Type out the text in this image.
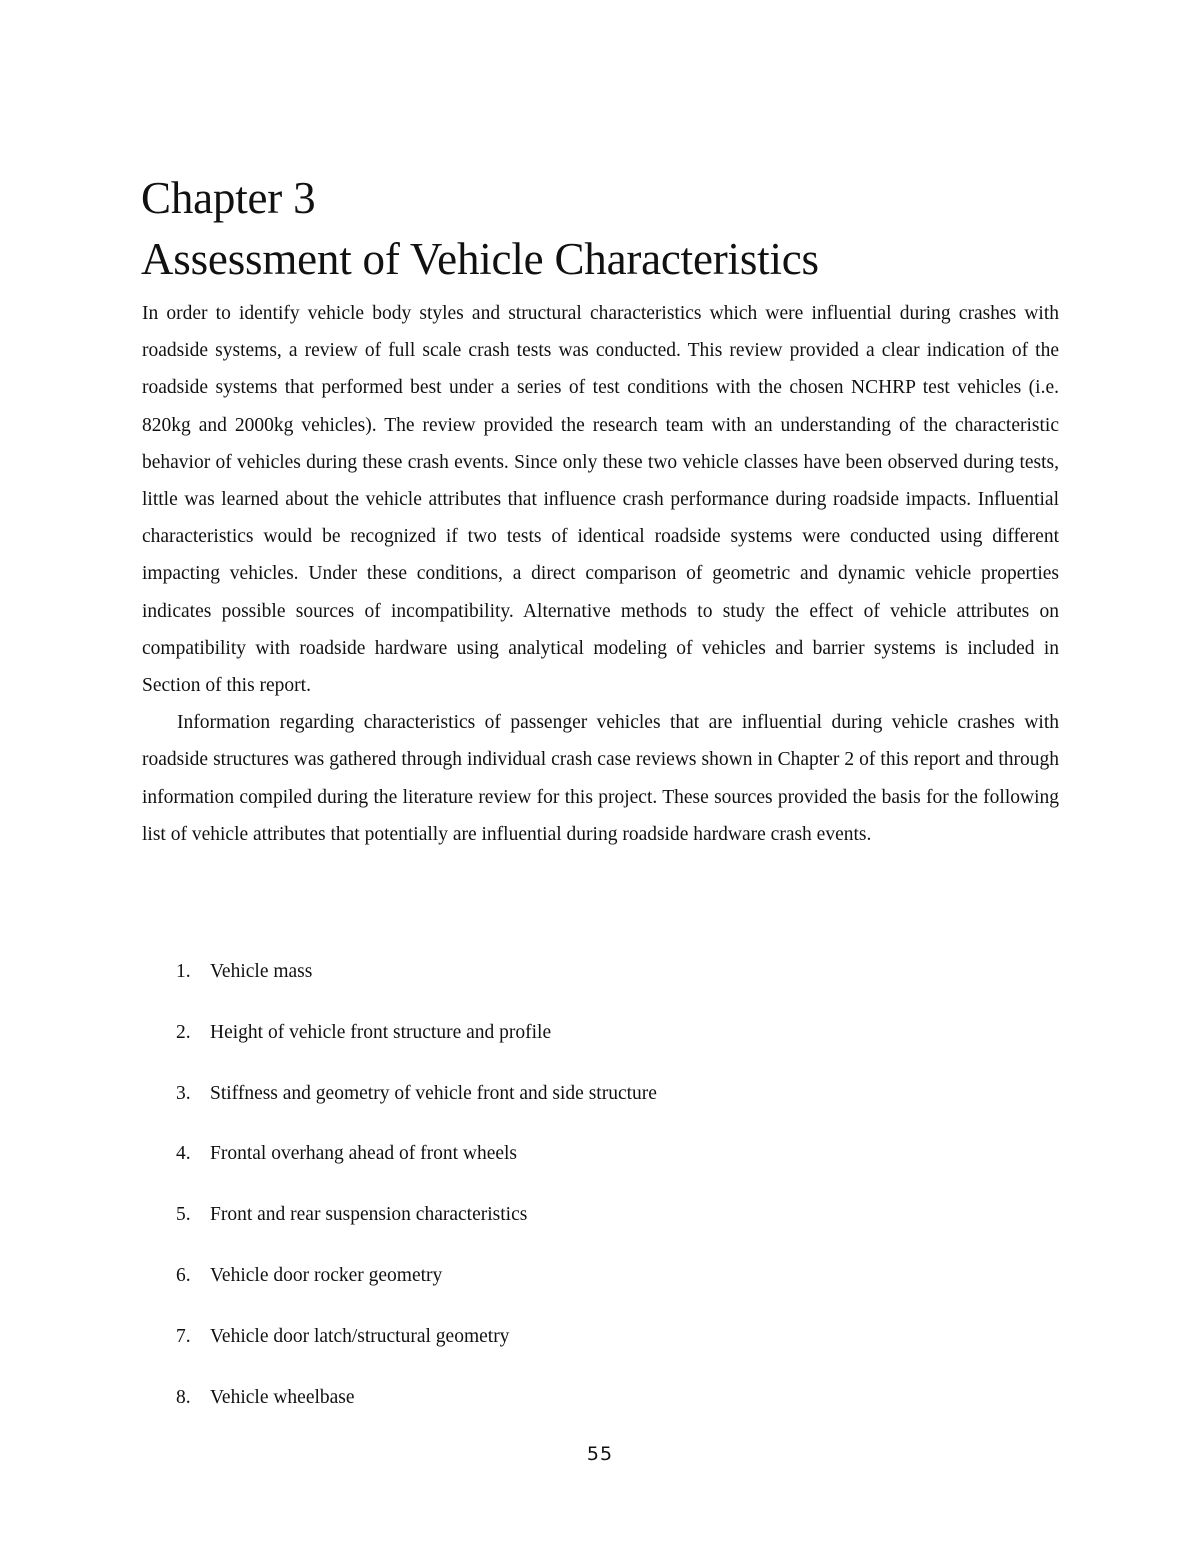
Chapter 3
Assessment of Vehicle Characteristics

In order to identify vehicle body styles and structural characteristics which were influential during crashes with roadside systems, a review of full scale crash tests was conducted. This review provided a clear indication of the roadside systems that performed best under a series of test conditions with the chosen NCHRP test vehicles (i.e. 820kg and 2000kg vehicles). The review provided the research team with an understanding of the characteristic behavior of vehicles during these crash events. Since only these two vehicle classes have been observed during tests, little was learned about the vehicle attributes that influence crash performance during roadside impacts. Influential characteristics would be recognized if two tests of identical roadside systems were conducted using different impacting vehicles. Under these conditions, a direct comparison of geometric and dynamic vehicle properties indicates possible sources of incompatibility. Alternative methods to study the effect of vehicle attributes on compatibility with roadside hardware using analytical modeling of vehicles and barrier systems is included in Section of this report.

Information regarding characteristics of passenger vehicles that are influential during vehicle crashes with roadside structures was gathered through individual crash case reviews shown in Chapter 2 of this report and through information compiled during the literature review for this project. These sources provided the basis for the following list of vehicle attributes that potentially are influential during roadside hardware crash events.

1. Vehicle mass
2. Height of vehicle front structure and profile
3. Stiffness and geometry of vehicle front and side structure
4. Frontal overhang ahead of front wheels
5. Front and rear suspension characteristics
6. Vehicle door rocker geometry
7. Vehicle door latch/structural geometry
8. Vehicle wheelbase
55
